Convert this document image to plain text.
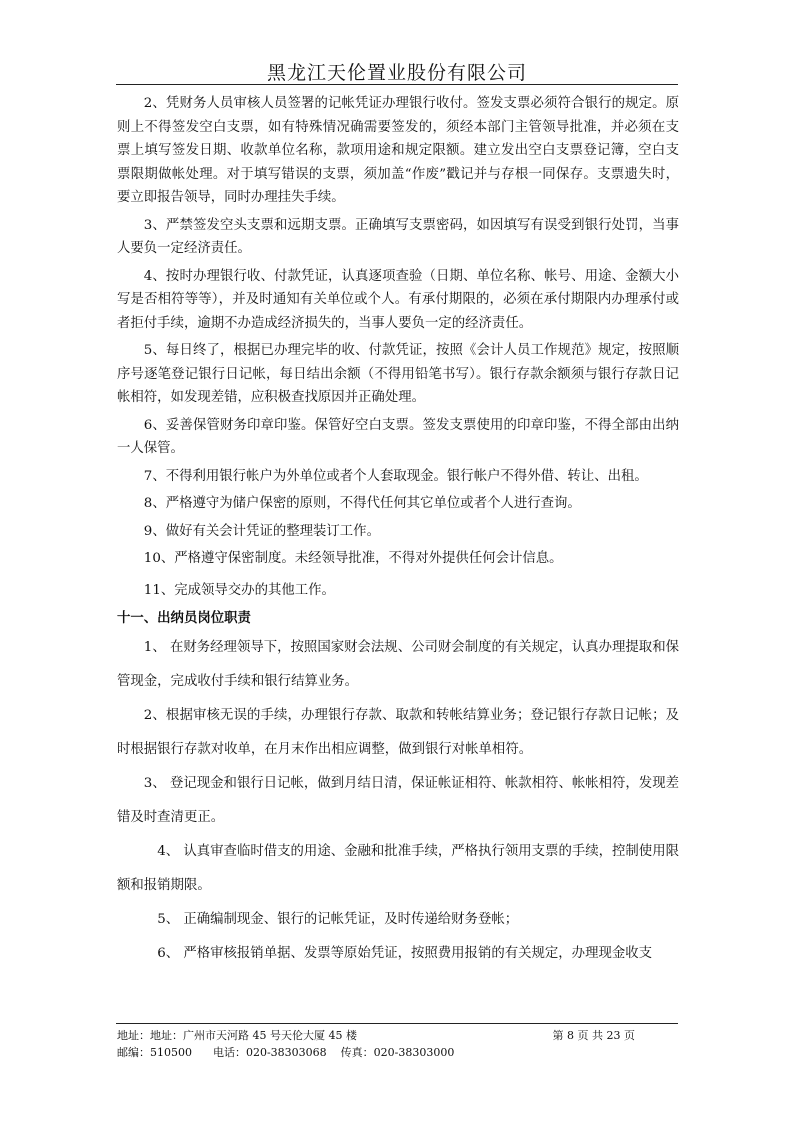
黑龙江天伦置业股份有限公司

2、凭财务人员审核人员签署的记帐凭证办理银行收付。签发支票必须符合银行的规定。原则上不得签发空白支票，如有特殊情况确需要签发的，须经本部门主管领导批准，并必须在支票上填写签发日期、收款单位名称，款项用途和规定限额。建立发出空白支票登记簿，空白支票限期做帐处理。对于填写错误的支票，须加盖“作废”戳记并与存根一同保存。支票遗失时，要立即报告领导，同时办理挂失手续。

3、严禁签发空头支票和远期支票。正确填写支票密码，如因填写有误受到银行处罚，当事人要负一定经济责任。

4、按时办理银行收、付款凭证，认真逐项查验（日期、单位名称、帐号、用途、金额大小写是否相符等等），并及时通知有关单位或个人。有承付期限的，必须在承付期限内办理承付或者拒付手续，逾期不办造成经济损失的，当事人要负一定的经济责任。

5、每日终了，根据已办理完毕的收、付款凭证，按照《会计人员工作规范》规定，按照顺序号逐笔登记银行日记帐，每日结出余额（不得用铅笔书写）。银行存款余额须与银行存款日记帐相符，如发现差错，应积极查找原因并正确处理。

6、妥善保管财务印章印鉴。保管好空白支票。签发支票使用的印章印鉴，不得全部由出纳一人保管。

7、不得利用银行帐户为外单位或者个人套取现金。银行帐户不得外借、转让、出租。

8、严格遵守为储户保密的原则，不得代任何其它单位或者个人进行查询。

9、做好有关会计凭证的整理装订工作。

10、严格遵守保密制度。未经领导批准，不得对外提供任何会计信息。

11、完成领导交办的其他工作。

十一、出纳员岗位职责

1、 在财务经理领导下，按照国家财会法规、公司财会制度的有关规定，认真办理提取和保管现金，完成收付手续和银行结算业务。

2、根据审核无误的手续，办理银行存款、取款和转帐结算业务；登记银行存款日记帐；及时根据银行存款对收单，在月末作出相应调整，做到银行对帐单相符。

3、 登记现金和银行日记帐，做到月结日清，保证帐证相符、帐款相符、帐帐相符，发现差错及时查清更正。

4、 认真审查临时借支的用途、金融和批准手续，严格执行领用支票的手续，控制使用限额和报销期限。

5、 正确编制现金、银行的记帐凭证，及时传递给财务登帐；

6、 严格审核报销单据、发票等原始凭证，按照费用报销的有关规定，办理现金收支

地址：地址：广州市天河路 45 号天伦大厦 45 楼	第 8 页 共 23 页
邮编：510500      电话：020-38303068    传真：020-38303000
